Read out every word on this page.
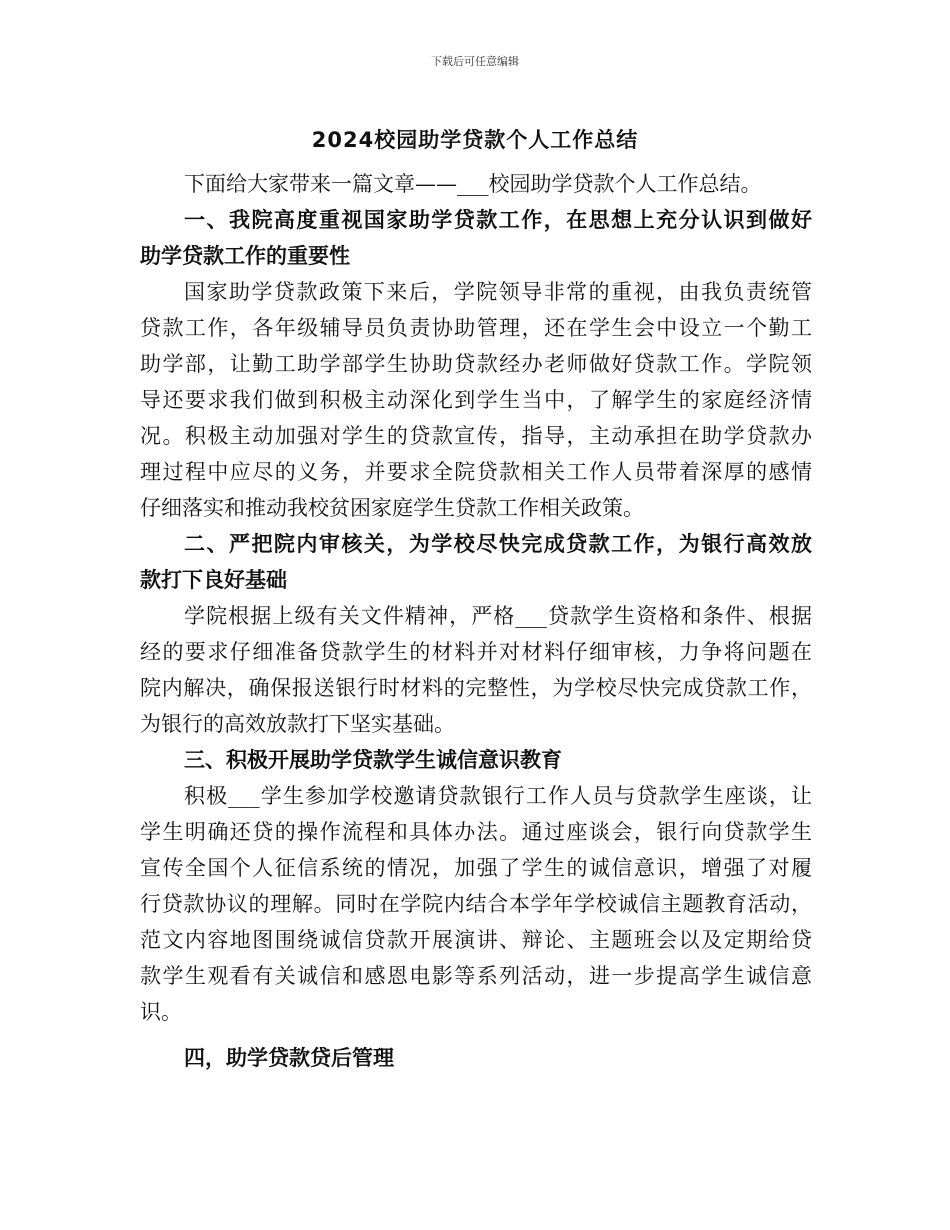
下载后可任意编辑
2024校园助学贷款个人工作总结
下面给大家带来一篇文章——___校园助学贷款个人工作总结。
一、我院高度重视国家助学贷款工作，在思想上充分认识到做好
助学贷款工作的重要性
国家助学贷款政策下来后，学院领导非常的重视，由我负责统管
贷款工作，各年级辅导员负责协助管理，还在学生会中设立一个勤工
助学部，让勤工助学部学生协助贷款经办老师做好贷款工作。学院领
导还要求我们做到积极主动深化到学生当中，了解学生的家庭经济情
况。积极主动加强对学生的贷款宣传，指导，主动承担在助学贷款办
理过程中应尽的义务，并要求全院贷款相关工作人员带着深厚的感情
仔细落实和推动我校贫困家庭学生贷款工作相关政策。
二、严把院内审核关，为学校尽快完成贷款工作，为银行高效放
款打下良好基础
学院根据上级有关文件精神，严格___贷款学生资格和条件、根据
经的要求仔细准备贷款学生的材料并对材料仔细审核，力争将问题在
院内解决，确保报送银行时材料的完整性，为学校尽快完成贷款工作，
为银行的高效放款打下坚实基础。
三、积极开展助学贷款学生诚信意识教育
积极___学生参加学校邀请贷款银行工作人员与贷款学生座谈，让
学生明确还贷的操作流程和具体办法。通过座谈会，银行向贷款学生
宣传全国个人征信系统的情况，加强了学生的诚信意识，增强了对履
行贷款协议的理解。同时在学院内结合本学年学校诚信主题教育活动，
范文内容地图围绕诚信贷款开展演讲、辩论、主题班会以及定期给贷
款学生观看有关诚信和感恩电影等系列活动，进一步提高学生诚信意
识。
四，助学贷款贷后管理
